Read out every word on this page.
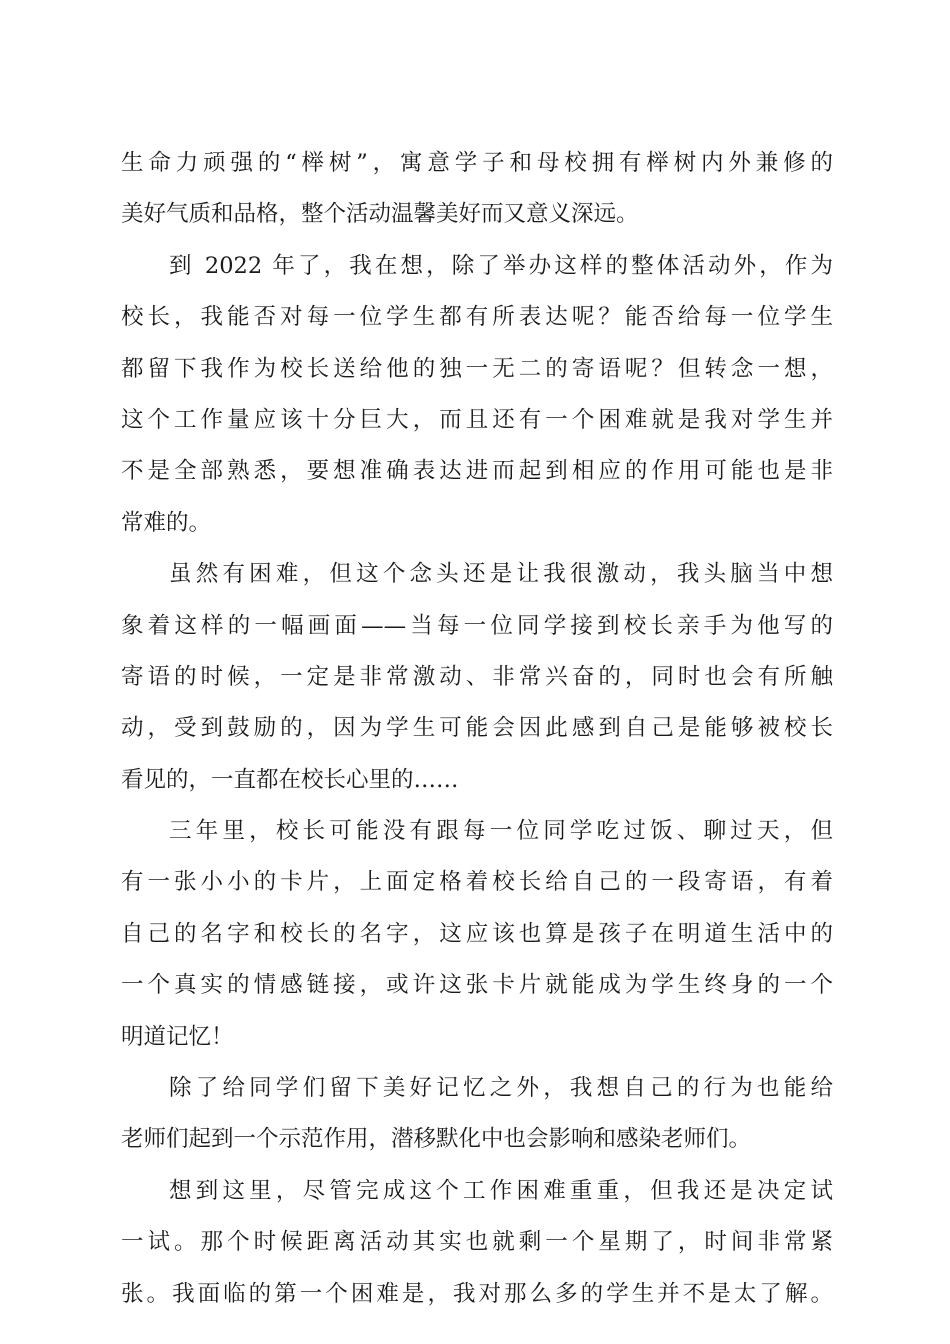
生命力顽强的“榉树”，寓意学子和母校拥有榉树内外兼修的
美好气质和品格，整个活动温馨美好而又意义深远。
到 2022 年了，我在想，除了举办这样的整体活动外，作为
校长，我能否对每一位学生都有所表达呢？能否给每一位学生
都留下我作为校长送给他的独一无二的寄语呢？但转念一想，
这个工作量应该十分巨大，而且还有一个困难就是我对学生并
不是全部熟悉，要想准确表达进而起到相应的作用可能也是非
常难的。
虽然有困难，但这个念头还是让我很激动，我头脑当中想
象着这样的一幅画面——当每一位同学接到校长亲手为他写的
寄语的时候，一定是非常激动、非常兴奋的，同时也会有所触
动，受到鼓励的，因为学生可能会因此感到自己是能够被校长
看见的，一直都在校长心里的……
三年里，校长可能没有跟每一位同学吃过饭、聊过天，但
有一张小小的卡片，上面定格着校长给自己的一段寄语，有着
自己的名字和校长的名字，这应该也算是孩子在明道生活中的
一个真实的情感链接，或许这张卡片就能成为学生终身的一个
明道记忆！
除了给同学们留下美好记忆之外，我想自己的行为也能给
老师们起到一个示范作用，潜移默化中也会影响和感染老师们。
想到这里，尽管完成这个工作困难重重，但我还是决定试
一试。那个时候距离活动其实也就剩一个星期了，时间非常紧
张。我面临的第一个困难是，我对那么多的学生并不是太了解。
